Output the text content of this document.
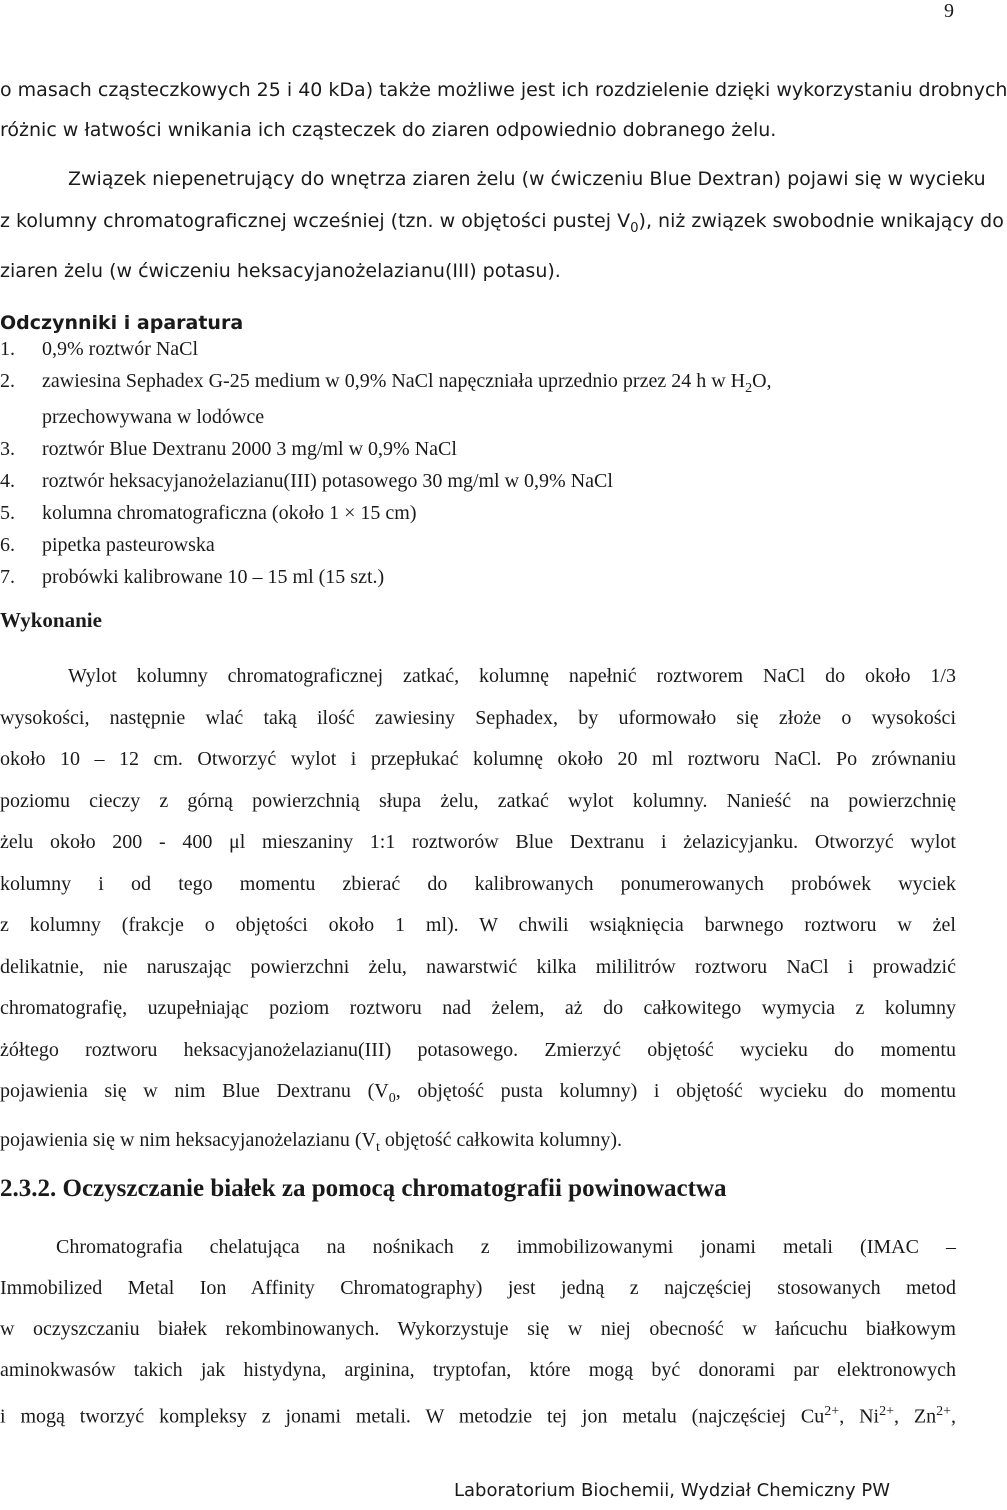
9
o masach cząsteczkowych 25 i 40 kDa) także możliwe jest ich rozdzielenie dzięki wykorzystaniu drobnych
różnic w łatwości wnikania ich cząsteczek do ziaren odpowiednio dobranego żelu.
Związek niepenetrujący do wnętrza ziaren żelu (w ćwiczeniu Blue Dextran) pojawi się w wycieku
z kolumny chromatograficznej wcześniej (tzn. w objętości pustej $V_0$), niż związek swobodnie wnikający do
ziaren żelu (w ćwiczeniu heksacyjanożelazianu(III) potasu).
Odczynniki i aparatura
1. 0,9% roztwór NaCl
2. zawiesina Sephadex G-25 medium w 0,9% NaCl napęczniała uprzednio przez 24 h w $H_2O$,
przechowywana w lodówce
3. roztwór Blue Dextranu 2000 3 mg/ml w 0,9% NaCl
4. roztwór heksacyjanożelazianu(III) potasowego 30 mg/ml w 0,9% NaCl
5. kolumna chromatograficzna (około 1 × 15 cm)
6. pipetka pasteurowska
7. probówki kalibrowane 10 – 15 ml (15 szt.)
Wykonanie
Wylot kolumny chromatograficznej zatkać, kolumnę napełnić roztworem NaCl do około 1/3
wysokości, następnie wlać taką ilość zawiesiny Sephadex, by uformowało się złoże o wysokości
około 10 – 12 cm. Otworzyć wylot i przepłukać kolumnę około 20 ml roztworu NaCl. Po zrównaniu
poziomu cieczy z górną powierzchnią słupa żelu, zatkać wylot kolumny. Nanieść na powierzchnię
żelu około 200 - 400 μl mieszaniny 1:1 roztworów Blue Dextranu i żelazicyjanku. Otworzyć wylot
kolumny i od tego momentu zbierać do kalibrowanych ponumerowanych probówek wyciek
z kolumny (frakcje o objętości około 1 ml). W chwili wsiąknięcia barwnego roztworu w żel
delikatnie, nie naruszając powierzchni żelu, nawarstwić kilka mililitrów roztworu NaCl i prowadzić
chromatografię, uzupełniając poziom roztworu nad żelem, aż do całkowitego wymycia z kolumny
żółtego roztworu heksacyjanożelazianu(III) potasowego. Zmierzyć objętość wycieku do momentu
pojawienia się w nim Blue Dextranu ($V_0$, objętość pusta kolumny) i objętość wycieku do momentu
pojawienia się w nim heksacyjanożelazianu ($V_t$ objętość całkowita kolumny).
2.3.2. Oczyszczanie białek za pomocą chromatografii powinowactwa
Chromatografia chelatująca na nośnikach z immobilizowanymi jonami metali (IMAC –
Immobilized Metal Ion Affinity Chromatography) jest jedną z najczęściej stosowanych metod
w oczyszczaniu białek rekombinowanych. Wykorzystuje się w niej obecność w łańcuchu białkowym
aminokwasów takich jak histydyna, arginina, tryptofan, które mogą być donorami par elektronowych
i mogą tworzyć kompleksy z jonami metali. W metodzie tej jon metalu (najczęściej $Cu^{2+}$, $Ni^{2+}$, $Zn^{2+}$,
Laboratorium Biochemii, Wydział Chemiczny PW
